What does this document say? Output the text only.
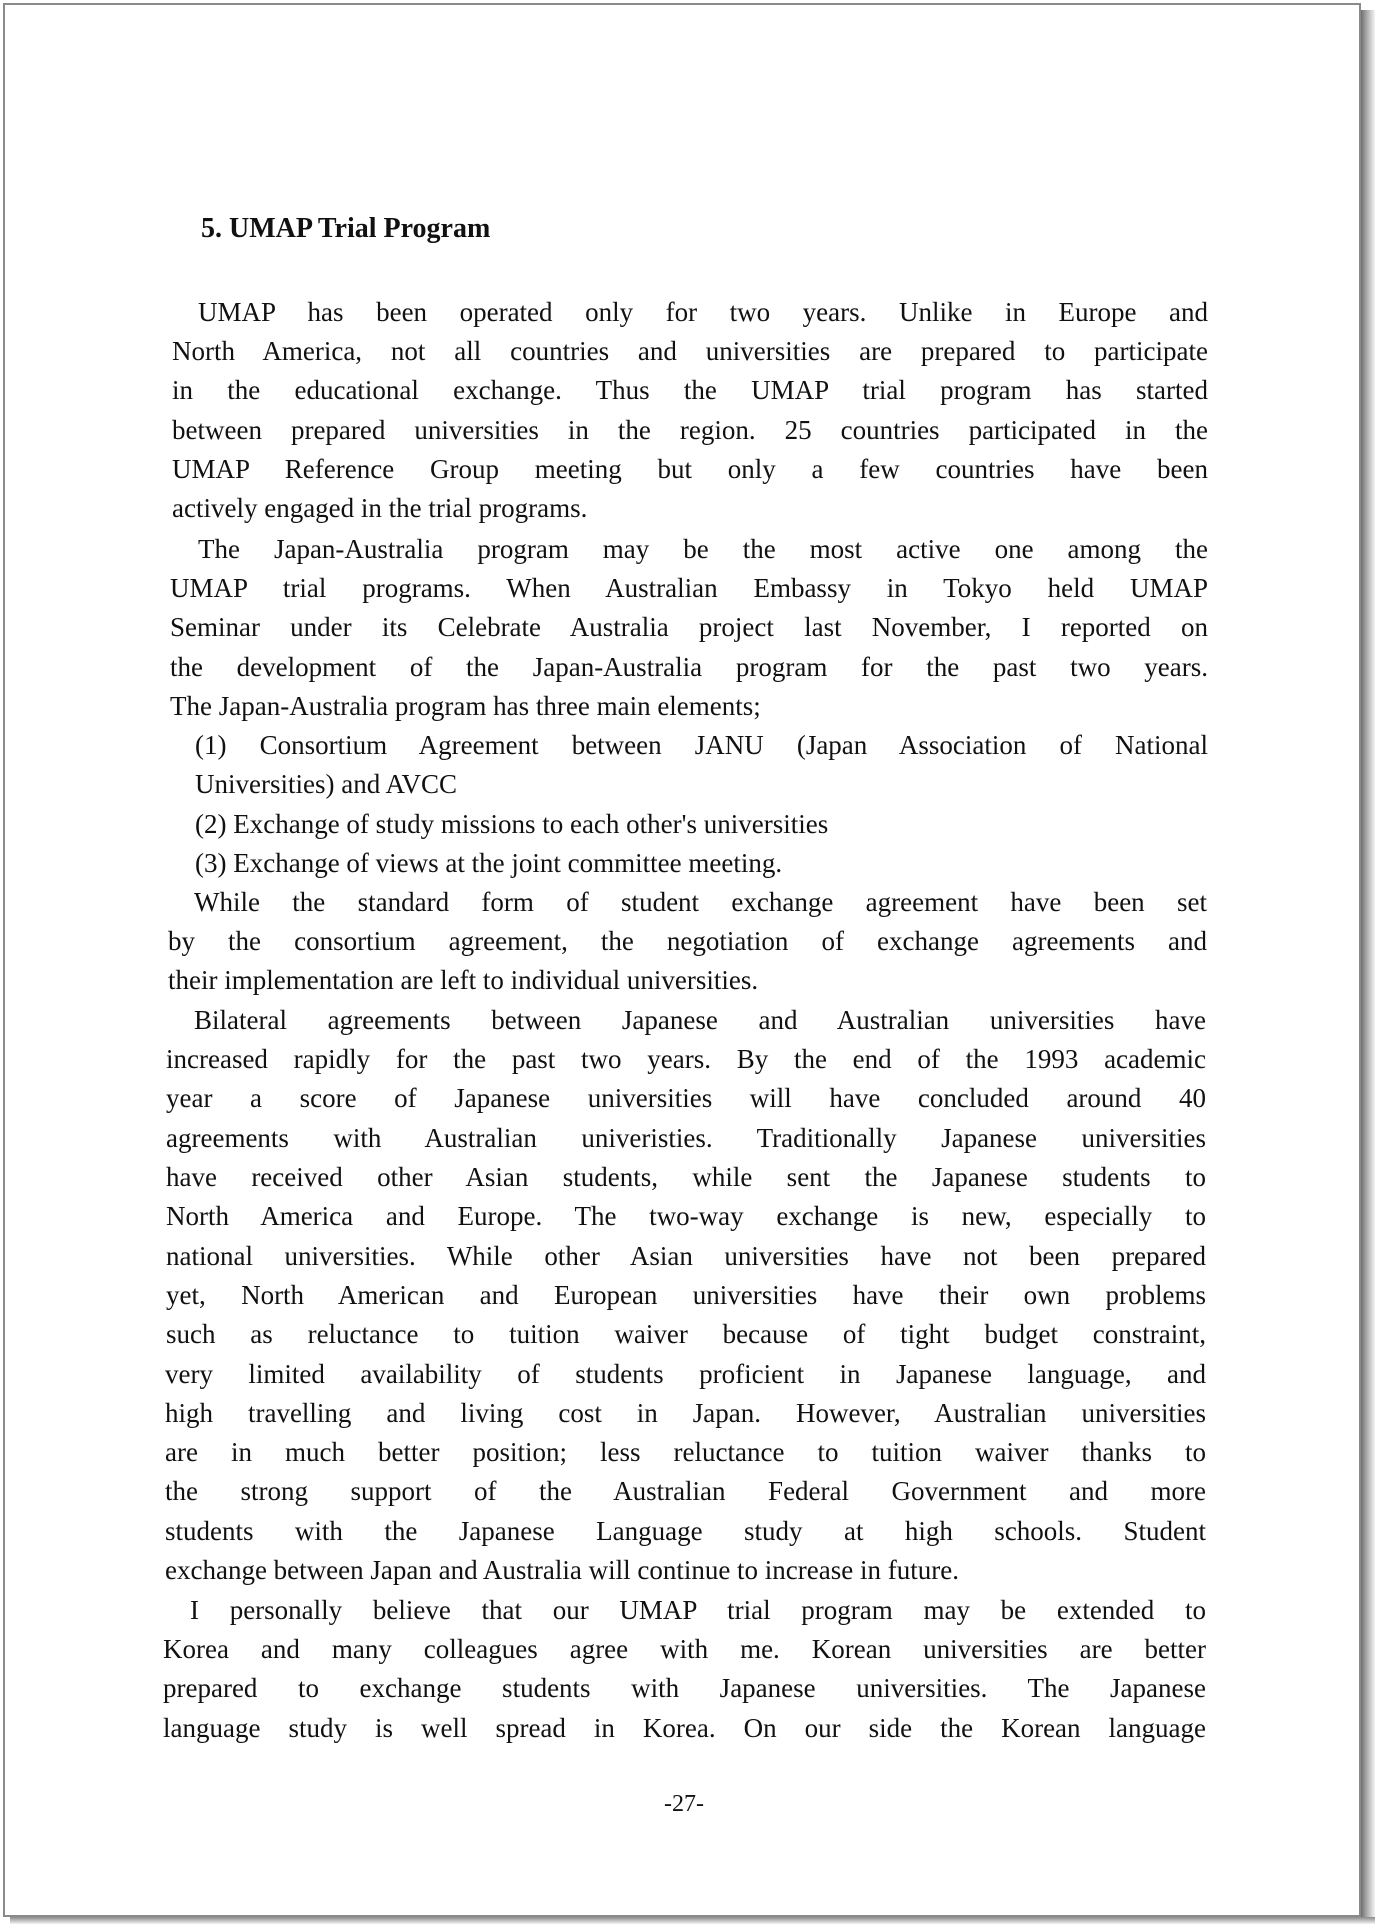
5. UMAP Trial Program
UMAP has been operated only for two years. Unlike in Europe and
North America, not all countries and universities are prepared to participate
in the educational exchange. Thus the UMAP trial program has started
between prepared universities in the region. 25 countries participated in the
UMAP Reference Group meeting but only a few countries have been
actively engaged in the trial programs.
The Japan-Australia program may be the most active one among the
UMAP trial programs. When Australian Embassy in Tokyo held UMAP
Seminar under its Celebrate Australia project last November, I reported on
the development of the Japan-Australia program for the past two years.
The Japan-Australia program has three main elements;
(1) Consortium Agreement between JANU (Japan Association of National
Universities) and AVCC
(2) Exchange of study missions to each other's universities
(3) Exchange of views at the joint committee meeting.
While the standard form of student exchange agreement have been set
by the consortium agreement, the negotiation of exchange agreements and
their implementation are left to individual universities.
Bilateral agreements between Japanese and Australian universities have
increased rapidly for the past two years. By the end of the 1993 academic
year a score of Japanese universities will have concluded around 40
agreements with Australian univeristies. Traditionally Japanese universities
have received other Asian students, while sent the Japanese students to
North America and Europe. The two-way exchange is new, especially to
national universities. While other Asian universities have not been prepared
yet, North American and European universities have their own problems
such as reluctance to tuition waiver because of tight budget constraint,
very limited availability of students proficient in Japanese language, and
high travelling and living cost in Japan. However, Australian universities
are in much better position; less reluctance to tuition waiver thanks to
the strong support of the Australian Federal Government and more
students with the Japanese Language study at high schools. Student
exchange between Japan and Australia will continue to increase in future.
I personally believe that our UMAP trial program may be extended to
Korea and many colleagues agree with me. Korean universities are better
prepared to exchange students with Japanese universities. The Japanese
language study is well spread in Korea. On our side the Korean language
-27-
